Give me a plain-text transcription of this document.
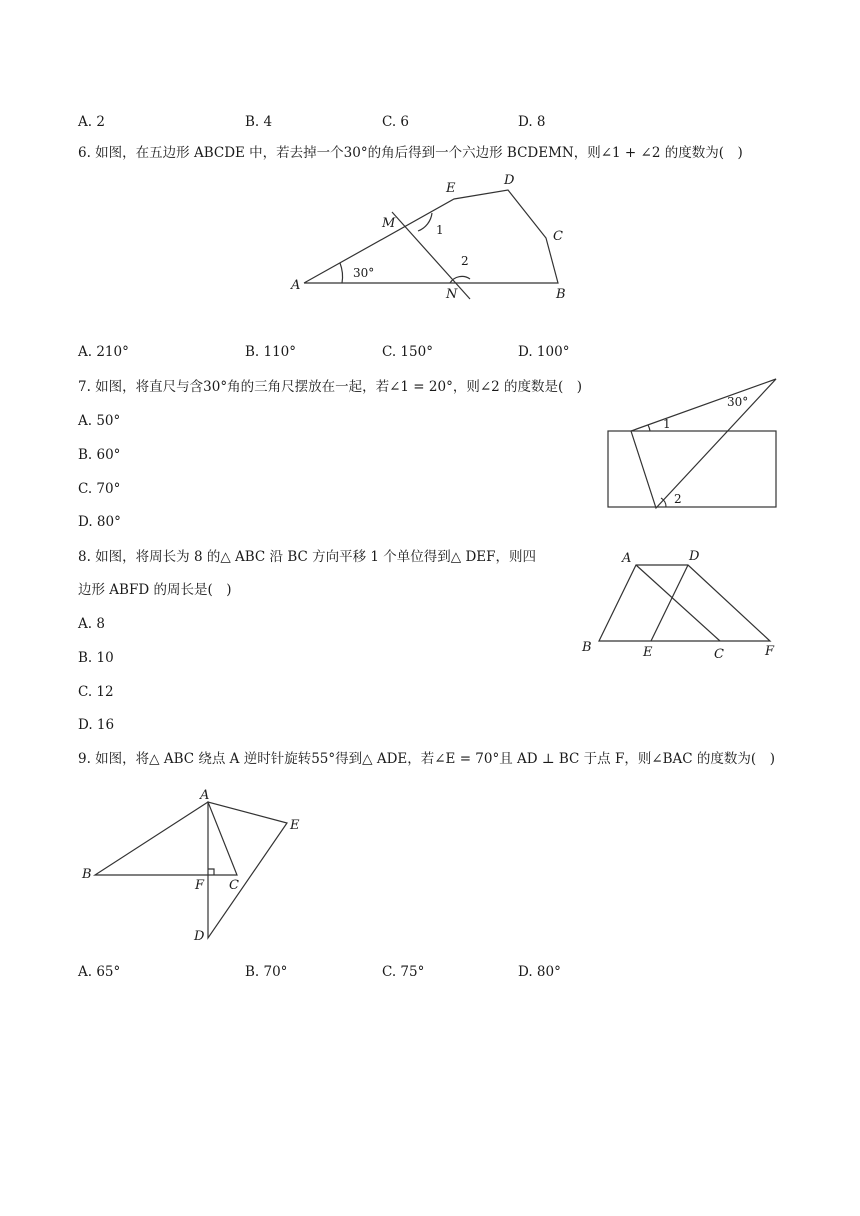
A. 2	B. 4	C. 6	D. 8
6. 如图，在五边形 ABCDE 中，若去掉一个30°的角后得到一个六边形 BCDEMN，则∠1 + ∠2 的度数为(　)
A
B
C
D
E
M
N
1
2
30°
A. 210°	B. 110°	C. 150°	D. 100°
7. 如图，将直尺与含30°角的三角尺摆放在一起，若∠1 = 20°，则∠2 的度数是(　)
A. 50°
B. 60°
C. 70°
D. 80°
30°
1
2
8. 如图，将周长为 8 的△ ABC 沿 BC 方向平移 1 个单位得到△ DEF，则四
边形 ABFD 的周长是(　)
A. 8
B. 10
C. 12
D. 16
A	D
B	E	C	F
9. 如图，将△ ABC 绕点 A 逆时针旋转55°得到△ ADE，若∠E = 70°且 AD ⊥ BC 于点 F，则∠BAC 的度数为(　)
A
B
F C
E
D
A. 65°	B. 70°	C. 75°	D. 80°
